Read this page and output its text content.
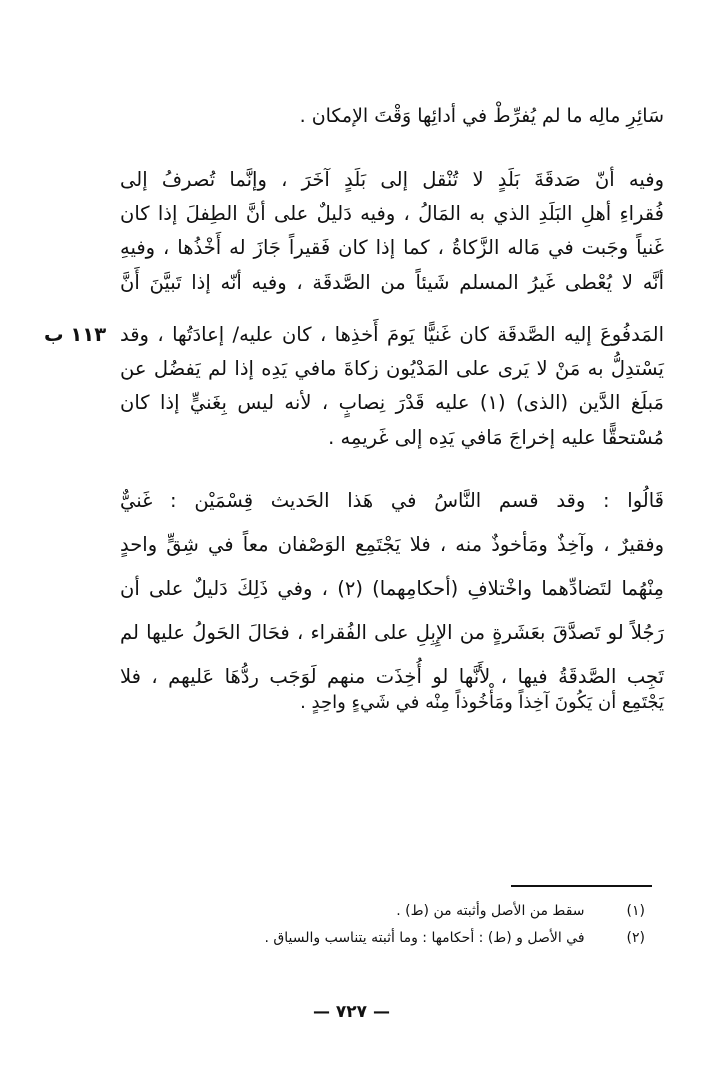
سَائِرِ مالِه ما لم يُفرِّطْ في أدائِها وَقْتَ الإمكان .
وفيه أنّ صَدقَةَ بَلَدٍ لا تُنْقل إلى بَلَدٍ آخَرَ ، وإنَّما تُصرفُ إلى
فُقراءِ أهلِ البَلَدِ الذي به المَالُ ، وفيه دَليلٌ على أنَّ الطِفلَ إذا كان
غَنياً وجَبت في مَاله الزَّكاةُ ، كما إذا كان فَقيراً جَازَ له أَخْذُها ، وفيهِ
أنَّه لا يُعْطى غَيرُ المسلم شَيئاً من الصَّدقَة ، وفيه أنّه إذا تَبيَّنَ أَنَّ
المَدفُوعَ إليه الصَّدقَة كان غَنيًّا يَومَ أَخذِها ، كان عليه/ إعادَتُها ، وقد
يَسْتدِلُّ به مَنْ لا يَرى على المَدْيُون زكاةَ مافي يَدِه إذا لم يَفضُل عن
مَبلَغ الدَّين (الذى) (١) عليه قَدْرَ نِصابٍ ، لأنه ليس بِغَنيٍّ إذا كان
مُسْتحقًّا عليه إخراجَ مَافي يَدِه إلى غَريمِه .
قَالُوا : وقد قسم النَّاسُ في هَذا الحَديث قِسْمَيْن : غَنيٌّ
وفقيرٌ ، وآخِذٌ ومَأخوذٌ منه ، فلا يَجْتَمِع الوَصْفان معاً في شِقٍّ واحدٍ
مِنْهُما لتَضادِّهما واخْتلافِ (أحكامِهما) (٢) ، وفي ذَلِكَ دَليلٌ على أن
رَجُلاً لو تَصدَّقَ بعَشَرةٍ من الإِبِلِ على الفُقراء ، فحَالَ الحَولُ عليها لم
تَجِب الصَّدقَةُ فيها ، لأَنَّها لو أُخِذَت منهم لَوَجَب ردُّهَا عَليهم ، فلا
يَجْتَمِع أن يَكُونَ آخِذاً ومَأْخُوذاً مِنْه في شَيءٍ واحِدٍ .
١١٣ ب
(١) سقط من الأصل وأثبته من (ط) .
(٢) في الأصل و (ط) : أحكامها : وما أثبته يتناسب والسياق .
— ٧٢٧ —
